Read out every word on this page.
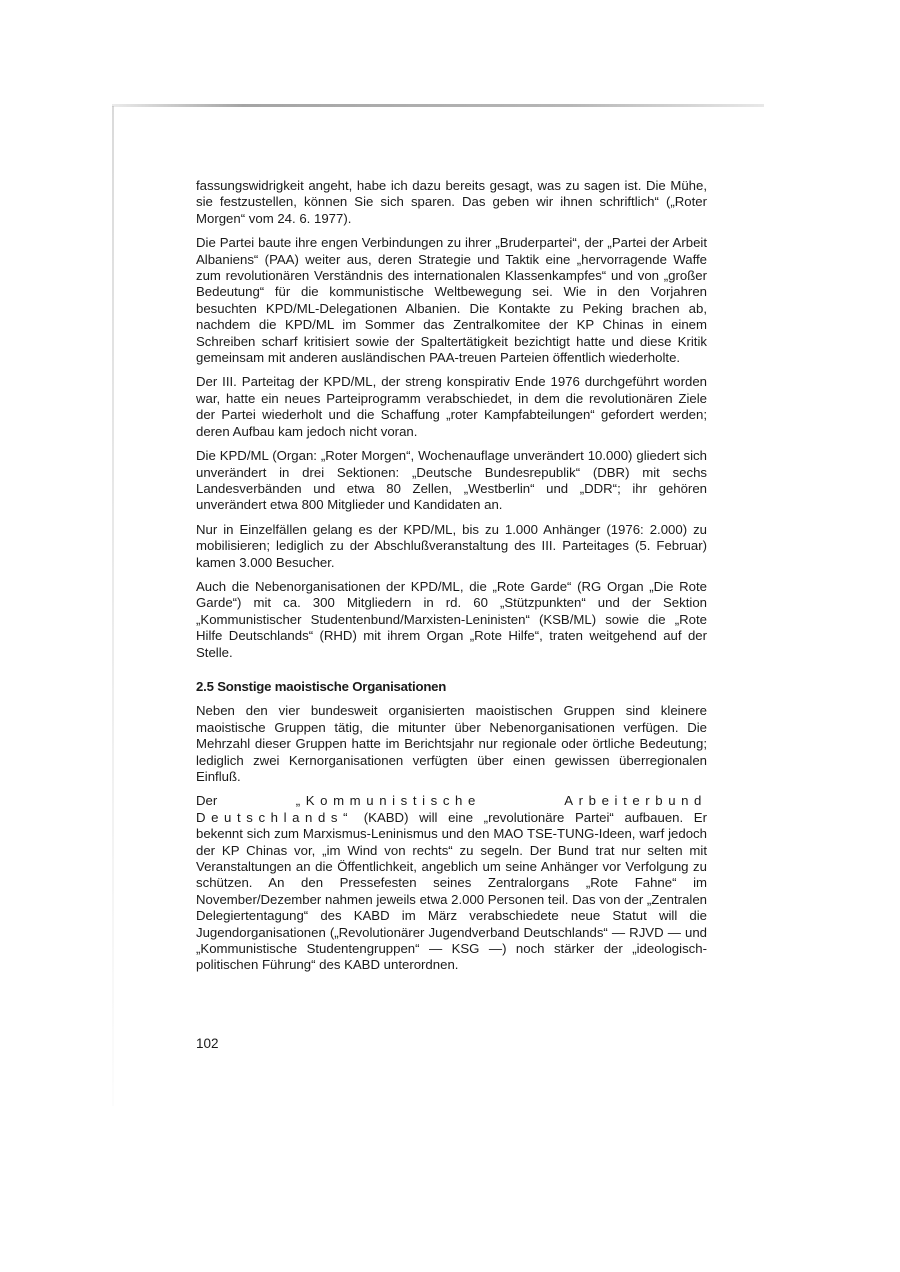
fassungswidrigkeit angeht, habe ich dazu bereits gesagt, was zu sagen ist. Die Mühe, sie festzustellen, können Sie sich sparen. Das geben wir ihnen schriftlich“ („Roter Morgen“ vom 24. 6. 1977).

Die Partei baute ihre engen Verbindungen zu ihrer „Bruderpartei“, der „Partei der Arbeit Albaniens“ (PAA) weiter aus, deren Strategie und Taktik eine „hervorragende Waffe zum revolutionären Verständnis des internationalen Klassenkampfes“ und von „großer Bedeutung“ für die kommunistische Weltbewegung sei. Wie in den Vorjahren besuchten KPD/ML-Delegationen Albanien. Die Kontakte zu Peking brachen ab, nachdem die KPD/ML im Sommer das Zentralkomitee der KP Chinas in einem Schreiben scharf kritisiert sowie der Spaltertätigkeit bezichtigt hatte und diese Kritik gemeinsam mit anderen ausländischen PAA-treuen Parteien öffentlich wiederholte.

Der III. Parteitag der KPD/ML, der streng konspirativ Ende 1976 durchgeführt worden war, hatte ein neues Parteiprogramm verabschiedet, in dem die revolutionären Ziele der Partei wiederholt und die Schaffung „roter Kampfabteilungen“ gefordert werden; deren Aufbau kam jedoch nicht voran.

Die KPD/ML (Organ: „Roter Morgen“, Wochenauflage unverändert 10.000) gliedert sich unverändert in drei Sektionen: „Deutsche Bundesrepublik“ (DBR) mit sechs Landesverbänden und etwa 80 Zellen, „Westberlin“ und „DDR“; ihr gehören unverändert etwa 800 Mitglieder und Kandidaten an.

Nur in Einzelfällen gelang es der KPD/ML, bis zu 1.000 Anhänger (1976: 2.000) zu mobilisieren; lediglich zu der Abschlußveranstaltung des III. Parteitages (5. Februar) kamen 3.000 Besucher.

Auch die Nebenorganisationen der KPD/ML, die „Rote Garde“ (RG Organ „Die Rote Garde“) mit ca. 300 Mitgliedern in rd. 60 „Stützpunkten“ und der Sektion „Kommunistischer Studentenbund/Marxisten-Leninisten“ (KSB/ML) sowie die „Rote Hilfe Deutschlands“ (RHD) mit ihrem Organ „Rote Hilfe“, traten weitgehend auf der Stelle.

2.5 Sonstige maoistische Organisationen

Neben den vier bundesweit organisierten maoistischen Gruppen sind kleinere maoistische Gruppen tätig, die mitunter über Nebenorganisationen verfügen. Die Mehrzahl dieser Gruppen hatte im Berichtsjahr nur regionale oder örtliche Bedeutung; lediglich zwei Kernorganisationen verfügten über einen gewissen überregionalen Einfluß.

Der „Kommunistische Arbeiterbund Deutschlands“ (KABD) will eine „revolutionäre Partei“ aufbauen. Er bekennt sich zum Marxismus-Leninismus und den MAO TSE-TUNG-Ideen, warf jedoch der KP Chinas vor, „im Wind von rechts“ zu segeln. Der Bund trat nur selten mit Veranstaltungen an die Öffentlichkeit, angeblich um seine Anhänger vor Verfolgung zu schützen. An den Pressefesten seines Zentralorgans „Rote Fahne“ im November/Dezember nahmen jeweils etwa 2.000 Personen teil. Das von der „Zentralen Delegiertentagung“ des KABD im März verabschiedete neue Statut will die Jugendorganisationen („Revolutionärer Jugendverband Deutschlands“ — RJVD — und „Kommunistische Studentengruppen“ — KSG —) noch stärker der „ideologisch-politischen Führung“ des KABD unterordnen.

102
